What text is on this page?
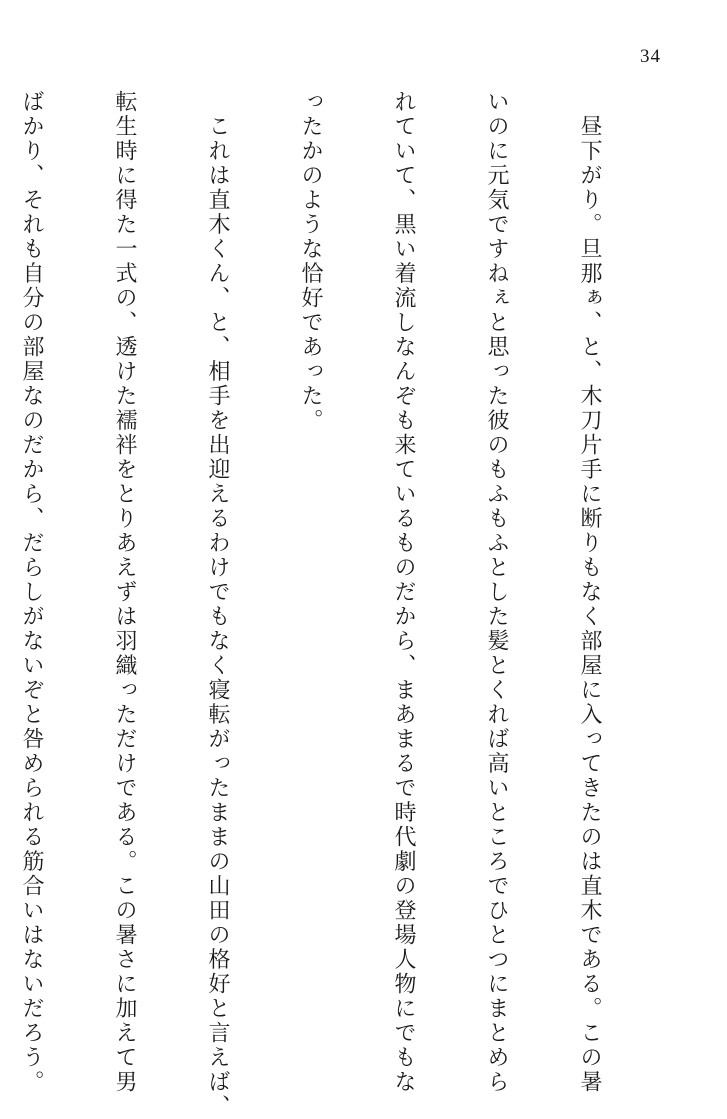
34

　昼下がり。旦那ぁ、と、木刀片手に断りもなく部屋に入ってきたのは直木である。この暑

いのに元気ですねぇと思った彼のもふもふとした髪とくれば高いところでひとつにまとめら

れていて、黒い着流しなんぞも来ているものだから、まあまるで時代劇の登場人物にでもな

ったかのような恰好であった。

　これは直木くん、と、相手を出迎えるわけでもなく寝転がったままの山田の格好と言えば、

転生時に得た一式の、透けた襦袢をとりあえずは羽織っただけである。この暑さに加えて男

ばかり、それも自分の部屋なのだから、だらしがないぞと咎められる筋合いはないだろう。
